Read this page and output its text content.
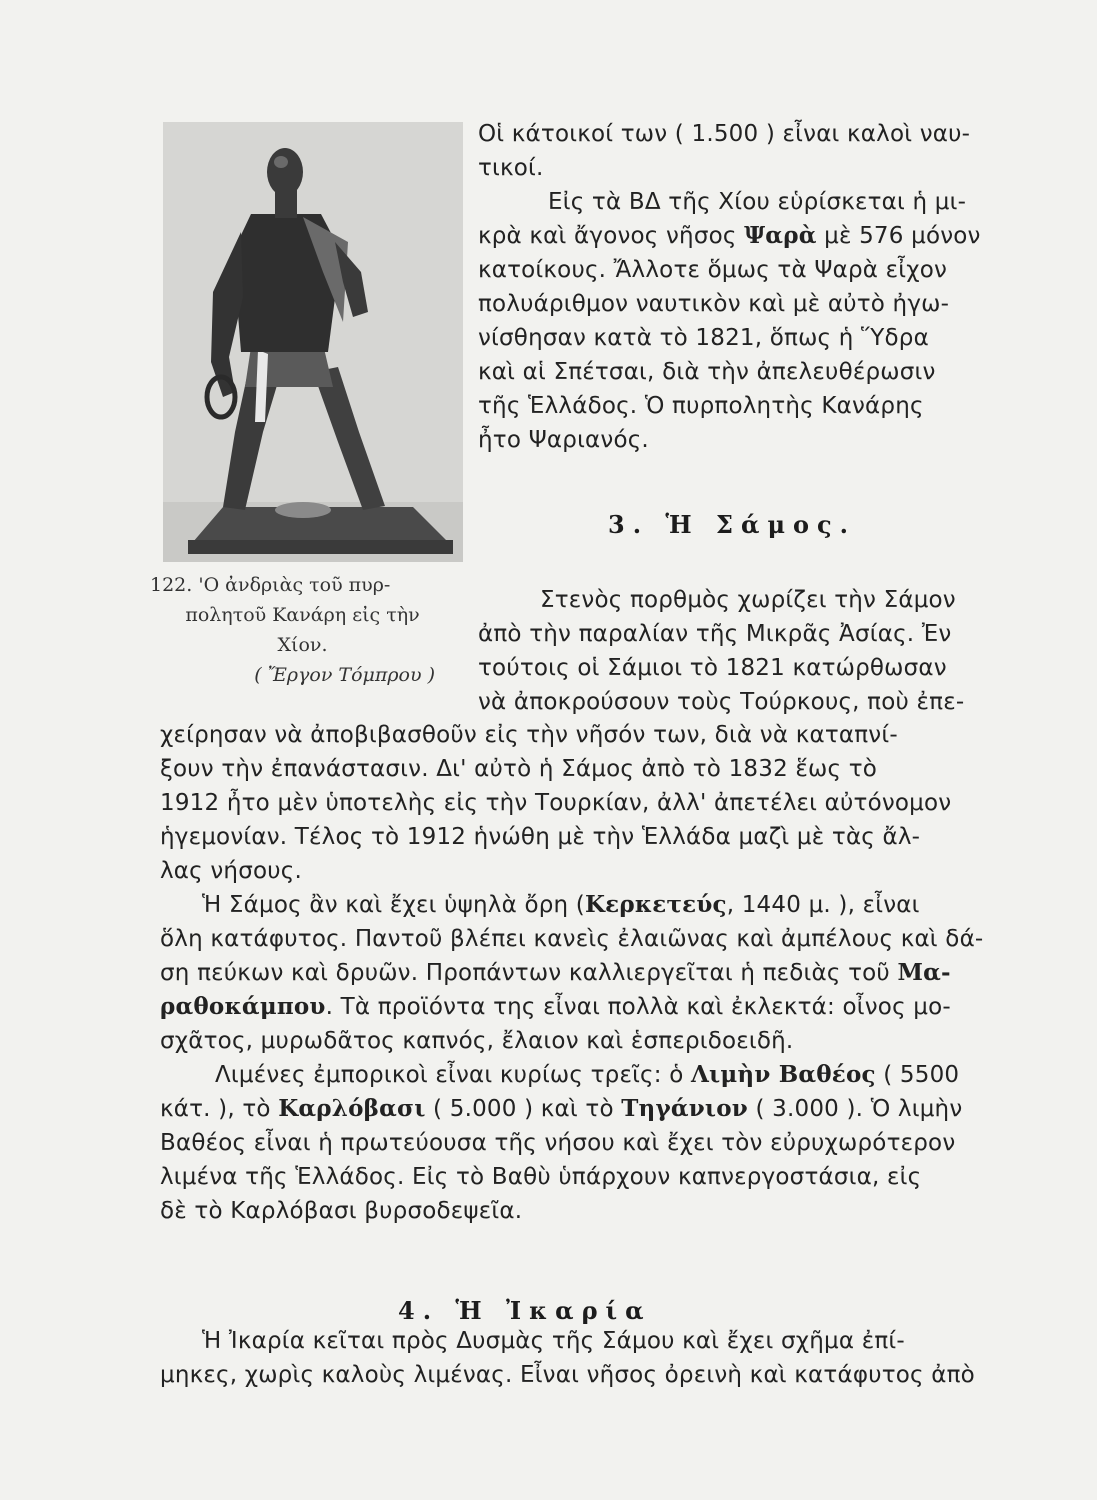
122. 'Ο ἀνδριὰς τοῦ πυρ-
πολητοῦ Κανάρη εἰς τὴν
Χίον.
( Ἔργον Τόμπρου )
Οἱ κάτοικοί των ( 1.500 ) εἶναι καλοὶ ναυ-
τικοί.
Εἰς τὰ ΒΔ τῆς Χίου εὑρίσκεται ἡ μι-
κρὰ καὶ ἄγονος νῆσος Ψαρὰ μὲ 576 μόνον
κατοίκους. Ἄλλοτε ὅμως τὰ Ψαρὰ εἶχον
πολυάριθμον ναυτικὸν καὶ μὲ αὐτὸ ἠγω-
νίσθησαν κατὰ τὸ 1821, ὅπως ἡ Ὕδρα
καὶ αἱ Σπέτσαι, διὰ τὴν ἀπελευθέρωσιν
τῆς Ἑλλάδος. Ὁ πυρπολητὴς Κανάρης
ἦτο Ψαριανός.
3. Ἡ Σάμος.
Στενὸς πορθμὸς χωρίζει τὴν Σάμον
ἀπὸ τὴν παραλίαν τῆς Μικρᾶς Ἀσίας. Ἐν
τούτοις οἱ Σάμιοι τὸ 1821 κατώρθωσαν
νὰ ἀποκρούσουν τοὺς Τούρκους, ποὺ ἐπε-
χείρησαν νὰ ἀποβιβασθοῦν εἰς τὴν νῆσόν των, διὰ νὰ καταπνί-
ξουν τὴν ἐπανάστασιν. Δι' αὐτὸ ἡ Σάμος ἀπὸ τὸ 1832 ἕως τὸ
1912 ἦτο μὲν ὑποτελὴς εἰς τὴν Τουρκίαν, ἀλλ' ἀπετέλει αὐτόνομον
ἡγεμονίαν. Τέλος τὸ 1912 ἡνώθη μὲ τὴν Ἑλλάδα μαζὶ μὲ τὰς ἄλ-
λας νήσους.
Ἡ Σάμος ἂν καὶ ἔχει ὑψηλὰ ὄρη (Κερκετεύς, 1440 μ. ), εἶναι
ὅλη κατάφυτος. Παντοῦ βλέπει κανεὶς ἐλαιῶνας καὶ ἀμπέλους καὶ δά-
ση πεύκων καὶ δρυῶν. Προπάντων καλλιεργεῖται ἡ πεδιὰς τοῦ Μα-
ραθοκάμπου. Τὰ προϊόντα της εἶναι πολλὰ καὶ ἐκλεκτά: οἶνος μο-
σχᾶτος, μυρωδᾶτος καπνός, ἔλαιον καὶ ἑσπεριδοειδῆ.
Λιμένες ἐμπορικοὶ εἶναι κυρίως τρεῖς: ὁ Λιμὴν Βαθέος ( 5500
κάτ. ), τὸ Καρλόβασι ( 5.000 ) καὶ τὸ Τηγάνιον ( 3.000 ). Ὁ λιμὴν
Βαθέος εἶναι ἡ πρωτεύουσα τῆς νήσου καὶ ἔχει τὸν εὐρυχωρότερον
λιμένα τῆς Ἑλλάδος. Εἰς τὸ Βαθὺ ὑπάρχουν καπνεργοστάσια, εἰς
δὲ τὸ Καρλόβασι βυρσοδεψεῖα.
4. Ἡ Ἰκαρία
Ἡ Ἰκαρία κεῖται πρὸς Δυσμὰς τῆς Σάμου καὶ ἔχει σχῆμα ἐπί-
μηκες, χωρὶς καλοὺς λιμένας. Εἶναι νῆσος ὀρεινὴ καὶ κατάφυτος ἀπὸ
